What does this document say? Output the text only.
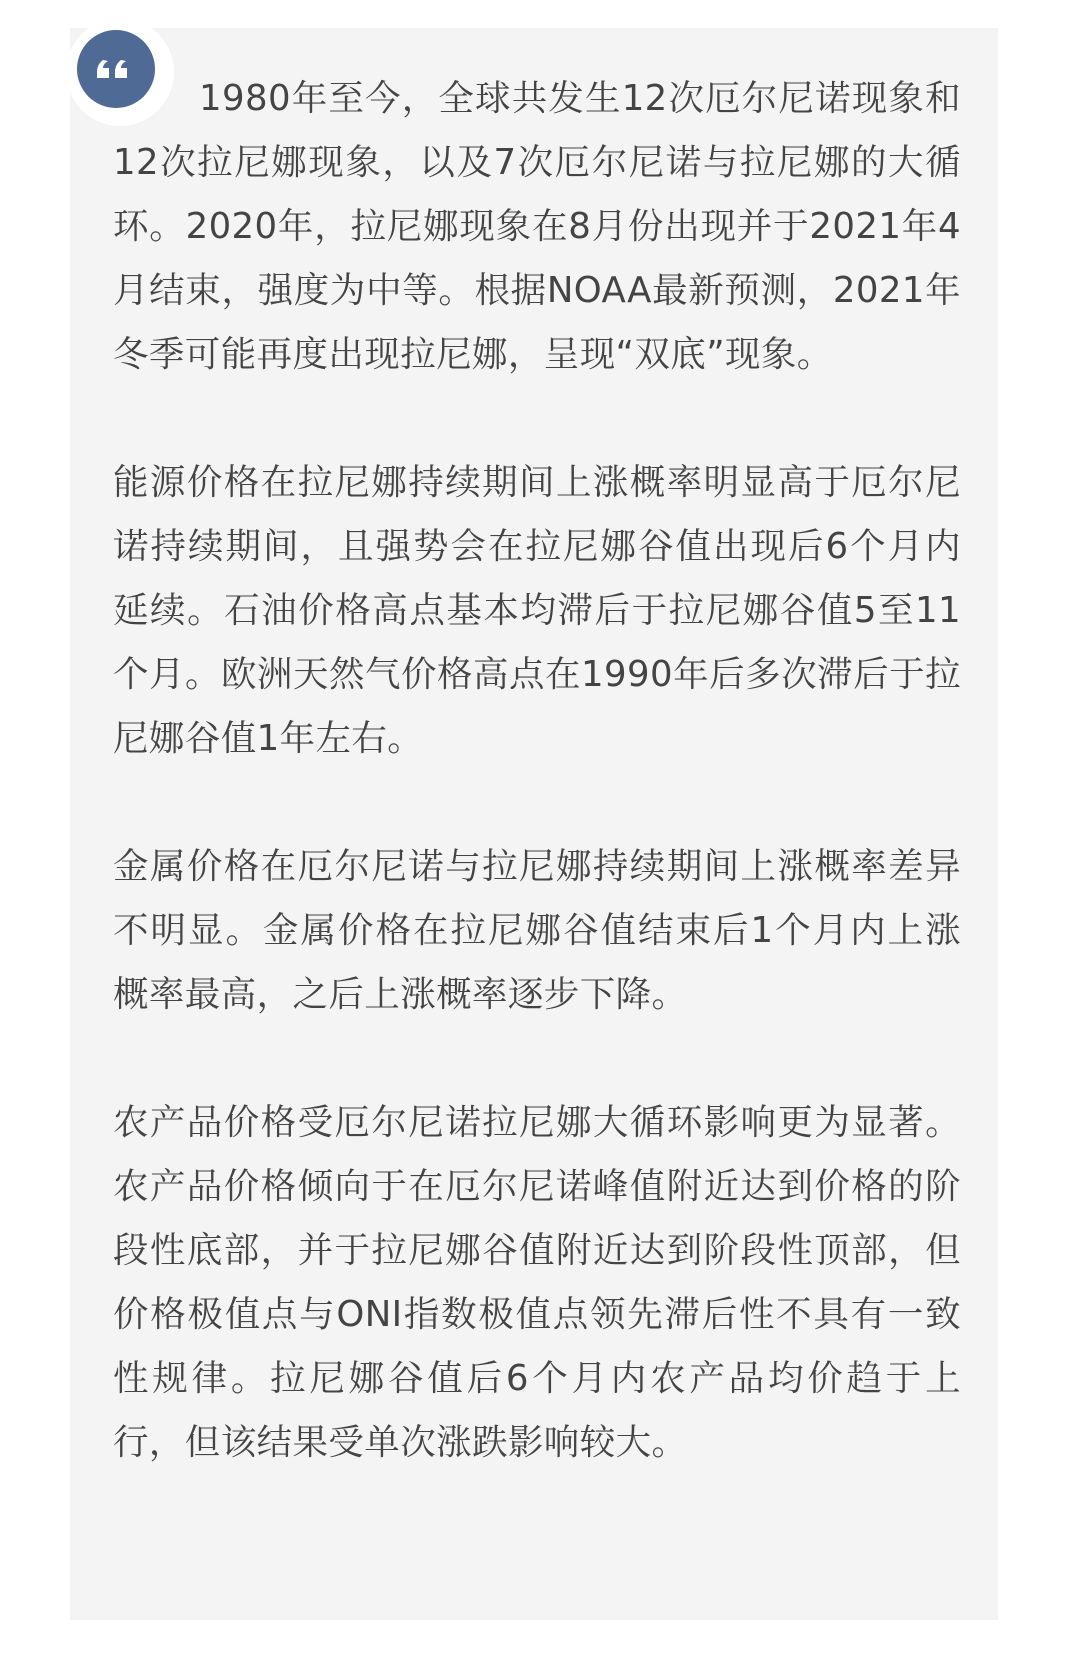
1980年至今，全球共发生12次厄尔尼诺现象和12次拉尼娜现象，以及7次厄尔尼诺与拉尼娜的大循环。2020年，拉尼娜现象在8月份出现并于2021年4月结束，强度为中等。根据NOAA最新预测，2021年冬季可能再度出现拉尼娜，呈现“双底”现象。

能源价格在拉尼娜持续期间上涨概率明显高于厄尔尼诺持续期间，且强势会在拉尼娜谷值出现后6个月内延续。石油价格高点基本均滞后于拉尼娜谷值5至11个月。欧洲天然气价格高点在1990年后多次滞后于拉尼娜谷值1年左右。

金属价格在厄尔尼诺与拉尼娜持续期间上涨概率差异不明显。金属价格在拉尼娜谷值结束后1个月内上涨概率最高，之后上涨概率逐步下降。

农产品价格受厄尔尼诺拉尼娜大循环影响更为显著。农产品价格倾向于在厄尔尼诺峰值附近达到价格的阶段性底部，并于拉尼娜谷值附近达到阶段性顶部，但价格极值点与ONI指数极值点领先滞后性不具有一致性规律。拉尼娜谷值后6个月内农产品均价趋于上行，但该结果受单次涨跌影响较大。
